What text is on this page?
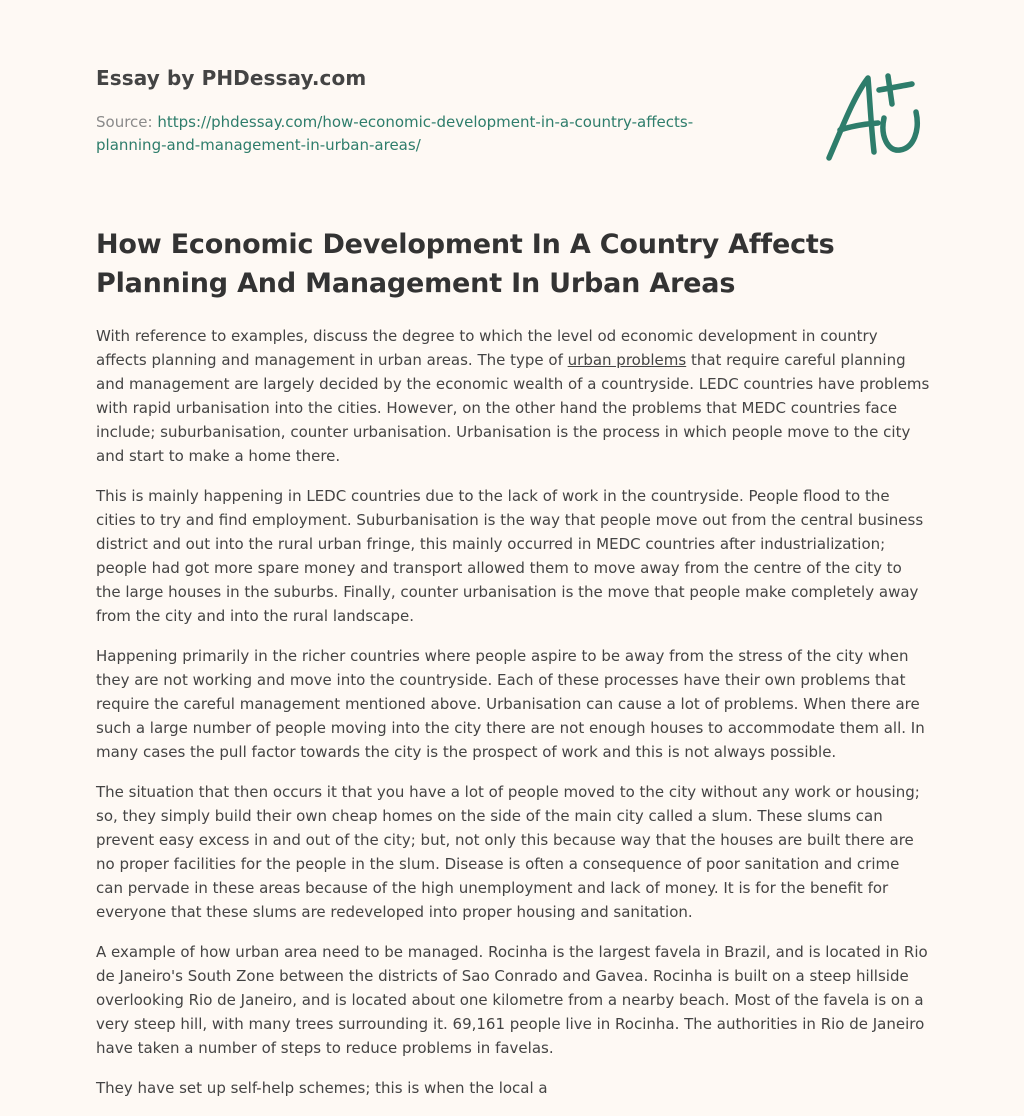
Essay by PHDessay.com
Source: https://phdessay.com/how-economic-development-in-a-country-affects-planning-and-management-in-urban-areas/
How Economic Development In A Country Affects Planning And Management In Urban Areas

With reference to examples, discuss the degree to which the level od economic development in country affects planning and management in urban areas. The type of urban problems that require careful planning and management are largely decided by the economic wealth of a countryside. LEDC countries have problems with rapid urbanisation into the cities. However, on the other hand the problems that MEDC countries face include; suburbanisation, counter urbanisation. Urbanisation is the process in which people move to the city and start to make a home there.

This is mainly happening in LEDC countries due to the lack of work in the countryside. People flood to the cities to try and find employment. Suburbanisation is the way that people move out from the central business district and out into the rural urban fringe, this mainly occurred in MEDC countries after industrialization; people had got more spare money and transport allowed them to move away from the centre of the city to the large houses in the suburbs. Finally, counter urbanisation is the move that people make completely away from the city and into the rural landscape.

Happening primarily in the richer countries where people aspire to be away from the stress of the city when they are not working and move into the countryside. Each of these processes have their own problems that require the careful management mentioned above. Urbanisation can cause a lot of problems. When there are such a large number of people moving into the city there are not enough houses to accommodate them all. In many cases the pull factor towards the city is the prospect of work and this is not always possible.

The situation that then occurs it that you have a lot of people moved to the city without any work or housing; so, they simply build their own cheap homes on the side of the main city called a slum. These slums can prevent easy excess in and out of the city; but, not only this because way that the houses are built there are no proper facilities for the people in the slum. Disease is often a consequence of poor sanitation and crime can pervade in these areas because of the high unemployment and lack of money. It is for the benefit for everyone that these slums are redeveloped into proper housing and sanitation.

A example of how urban area need to be managed. Rocinha is the largest favela in Brazil, and is located in Rio de Janeiro's South Zone between the districts of Sao Conrado and Gavea. Rocinha is built on a steep hillside overlooking Rio de Janeiro, and is located about one kilometre from a nearby beach. Most of the favela is on a very steep hill, with many trees surrounding it. 69,161 people live in Rocinha. The authorities in Rio de Janeiro have taken a number of steps to reduce problems in favelas.

They have set up self-help schemes; this is when the local a
